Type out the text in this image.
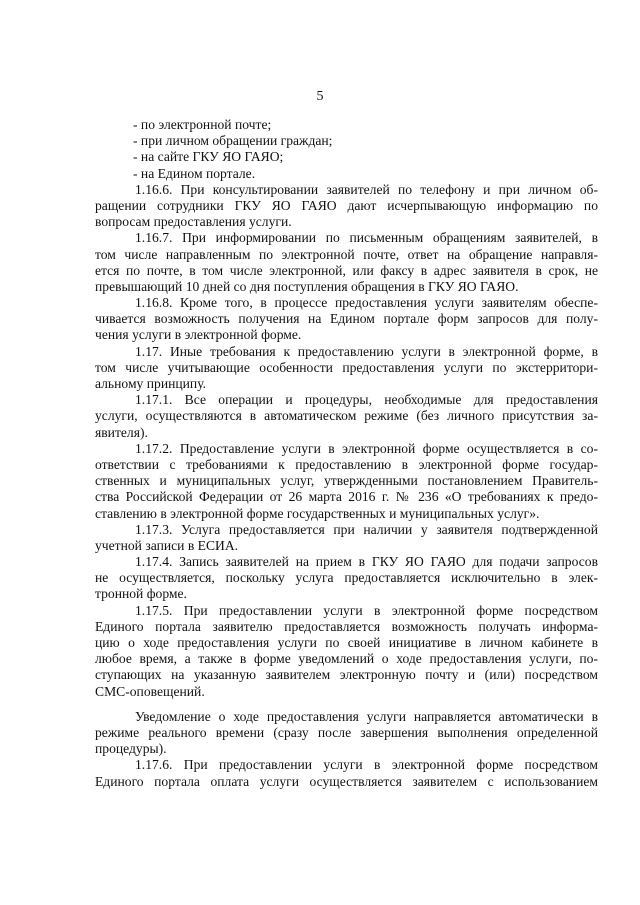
5
- по электронной почте;
- при личном обращении граждан;
- на сайте ГКУ ЯО ГАЯО;
- на Едином портале.
1.16.6. При консультировании заявителей по телефону и при личном об-
ращении сотрудники ГКУ ЯО ГАЯО дают исчерпывающую информацию по
вопросам предоставления услуги.
1.16.7. При информировании по письменным обращениям заявителей, в
том числе направленным по электронной почте, ответ на обращение направля-
ется по почте, в том числе электронной, или факсу в адрес заявителя в срок, не
превышающий 10 дней со дня поступления обращения в ГКУ ЯО ГАЯО.
1.16.8. Кроме того, в процессе предоставления услуги заявителям обеспе-
чивается возможность получения на Едином портале форм запросов для полу-
чения услуги в электронной форме.
1.17. Иные требования к предоставлению услуги в электронной форме, в
том числе учитывающие особенности предоставления услуги по экстерритори-
альному принципу.
1.17.1. Все операции и процедуры, необходимые для предоставления
услуги, осуществляются в автоматическом режиме (без личного присутствия за-
явителя).
1.17.2. Предоставление услуги в электронной форме осуществляется в со-
ответствии с требованиями к предоставлению в электронной форме государ-
ственных и муниципальных услуг, утвержденными постановлением Правитель-
ства Российской Федерации от 26 марта 2016 г. № 236 «О требованиях к предо-
ставлению в электронной форме государственных и муниципальных услуг».
1.17.3. Услуга предоставляется при наличии у заявителя подтвержденной
учетной записи в ЕСИА.
1.17.4. Запись заявителей на прием в ГКУ ЯО ГАЯО для подачи запросов
не осуществляется, поскольку услуга предоставляется исключительно в элек-
тронной форме.
1.17.5. При предоставлении услуги в электронной форме посредством
Единого портала заявителю предоставляется возможность получать информа-
цию о ходе предоставления услуги по своей инициативе в личном кабинете в
любое время, а также в форме уведомлений о ходе предоставления услуги, по-
ступающих на указанную заявителем электронную почту и (или) посредством
СМС-оповещений.
Уведомление о ходе предоставления услуги направляется автоматически в
режиме реального времени (сразу после завершения выполнения определенной
процедуры).
1.17.6. При предоставлении услуги в электронной форме посредством
Единого портала оплата услуги осуществляется заявителем с использованием
